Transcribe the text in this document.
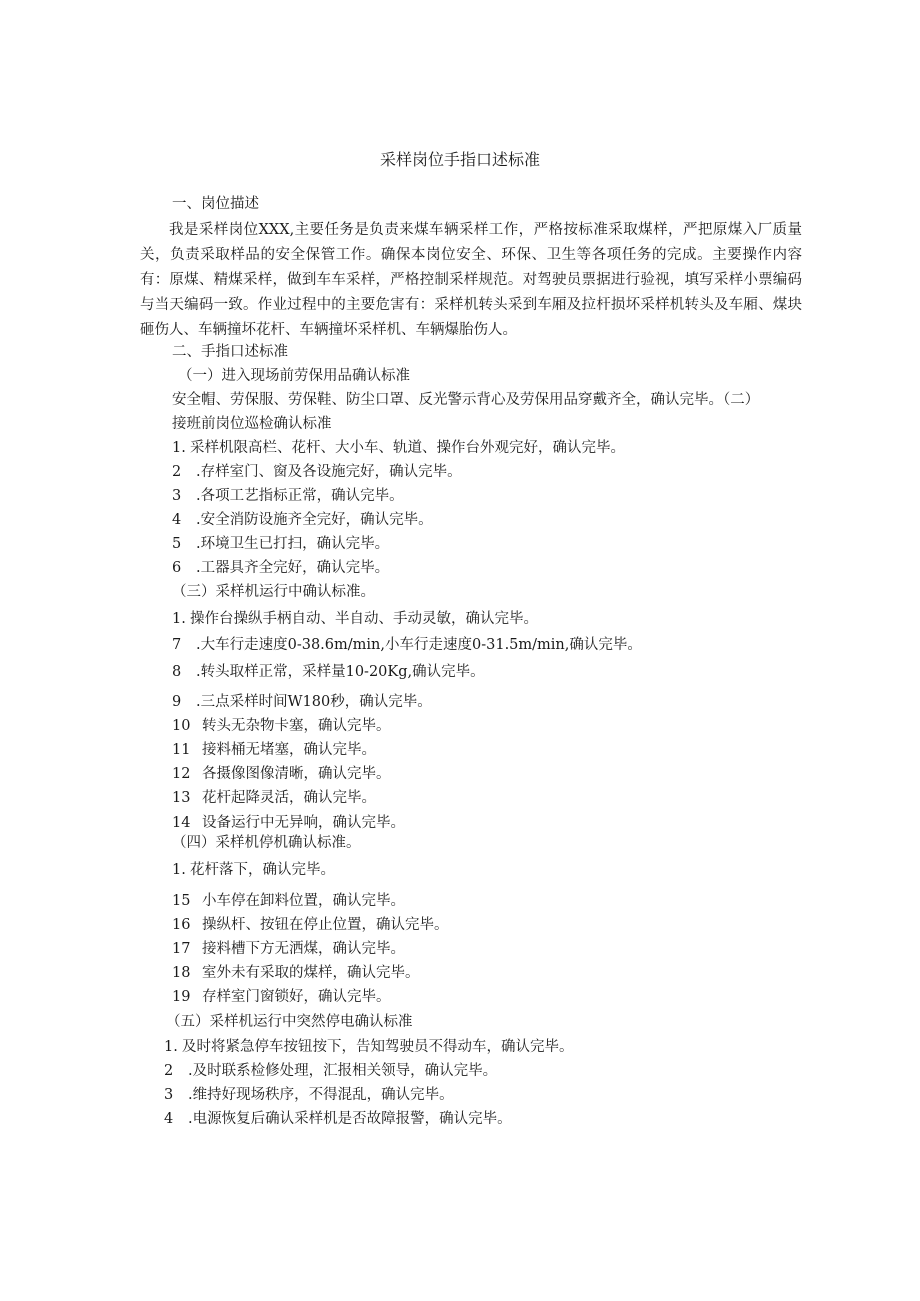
采样岗位手指口述标准
一、岗位描述
我是采样岗位XXX,主要任务是负责来煤车辆采样工作，严格按标准采取煤样，严把原煤入厂质量关，负责采取样品的安全保管工作。确保本岗位安全、环保、卫生等各项任务的完成。主要操作内容有：原煤、精煤采样，做到车车采样，严格控制采样规范。对驾驶员票据进行验视，填写采样小票编码与当天编码一致。作业过程中的主要危害有：采样机转头采到车厢及拉杆损坏采样机转头及车厢、煤块砸伤人、车辆撞坏花杆、车辆撞坏采样机、车辆爆胎伤人。
二、手指口述标准
（一）进入现场前劳保用品确认标准
安全帽、劳保服、劳保鞋、防尘口罩、反光警示背心及劳保用品穿戴齐全，确认完毕。（二）
接班前岗位巡检确认标准
1. 采样机限高栏、花杆、大小车、轨道、操作台外观完好，确认完毕。
2 .存样室门、窗及各设施完好，确认完毕。
3 .各项工艺指标正常，确认完毕。
4 .安全消防设施齐全完好，确认完毕。
5 .环境卫生已打扫，确认完毕。
6 .工器具齐全完好，确认完毕。
（三）采样机运行中确认标准。
1. 操作台操纵手柄自动、半自动、手动灵敏，确认完毕。
7 .大车行走速度0-38.6m/min,小车行走速度0-31.5m/min,确认完毕。
8 .转头取样正常，采样量10-20Kg,确认完毕。
9 .三点采样时间W180秒，确认完毕。
10 转头无杂物卡塞，确认完毕。
11 接料桶无堵塞，确认完毕。
12 各摄像图像清晰，确认完毕。
13 花杆起降灵活，确认完毕。
14 设备运行中无异响，确认完毕。
（四）采样机停机确认标准。
1. 花杆落下，确认完毕。
15 小车停在卸料位置，确认完毕。
16 操纵杆、按钮在停止位置，确认完毕。
17 接料槽下方无洒煤，确认完毕。
18 室外未有采取的煤样，确认完毕。
19 存样室门窗锁好，确认完毕。
（五）采样机运行中突然停电确认标准
1. 及时将紧急停车按钮按下，告知驾驶员不得动车，确认完毕。
2 .及时联系检修处理，汇报相关领导，确认完毕。
3 .维持好现场秩序，不得混乱，确认完毕。
4 .电源恢复后确认采样机是否故障报警，确认完毕。
